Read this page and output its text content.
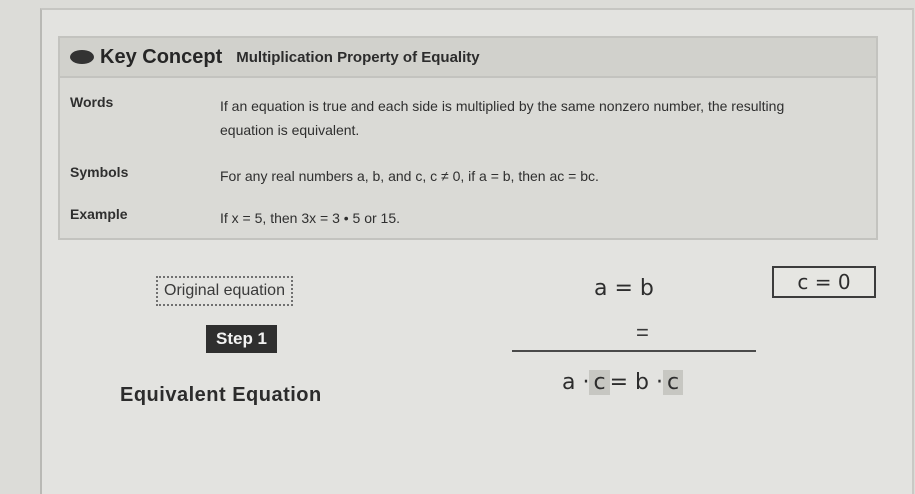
Key Concept Multiplication Property of Equality
Words	If an equation is true and each side is multiplied by the same nonzero number, the resulting equation is equivalent.
Symbols	For any real numbers a, b, and c, c ≠ 0, if a = b, then ac = bc.
Example	If x = 5, then 3x = 3 • 5 or 15.
Original equation
Step 1
Equivalent Equation
a = b
=
a · c = b · c
c = 0
